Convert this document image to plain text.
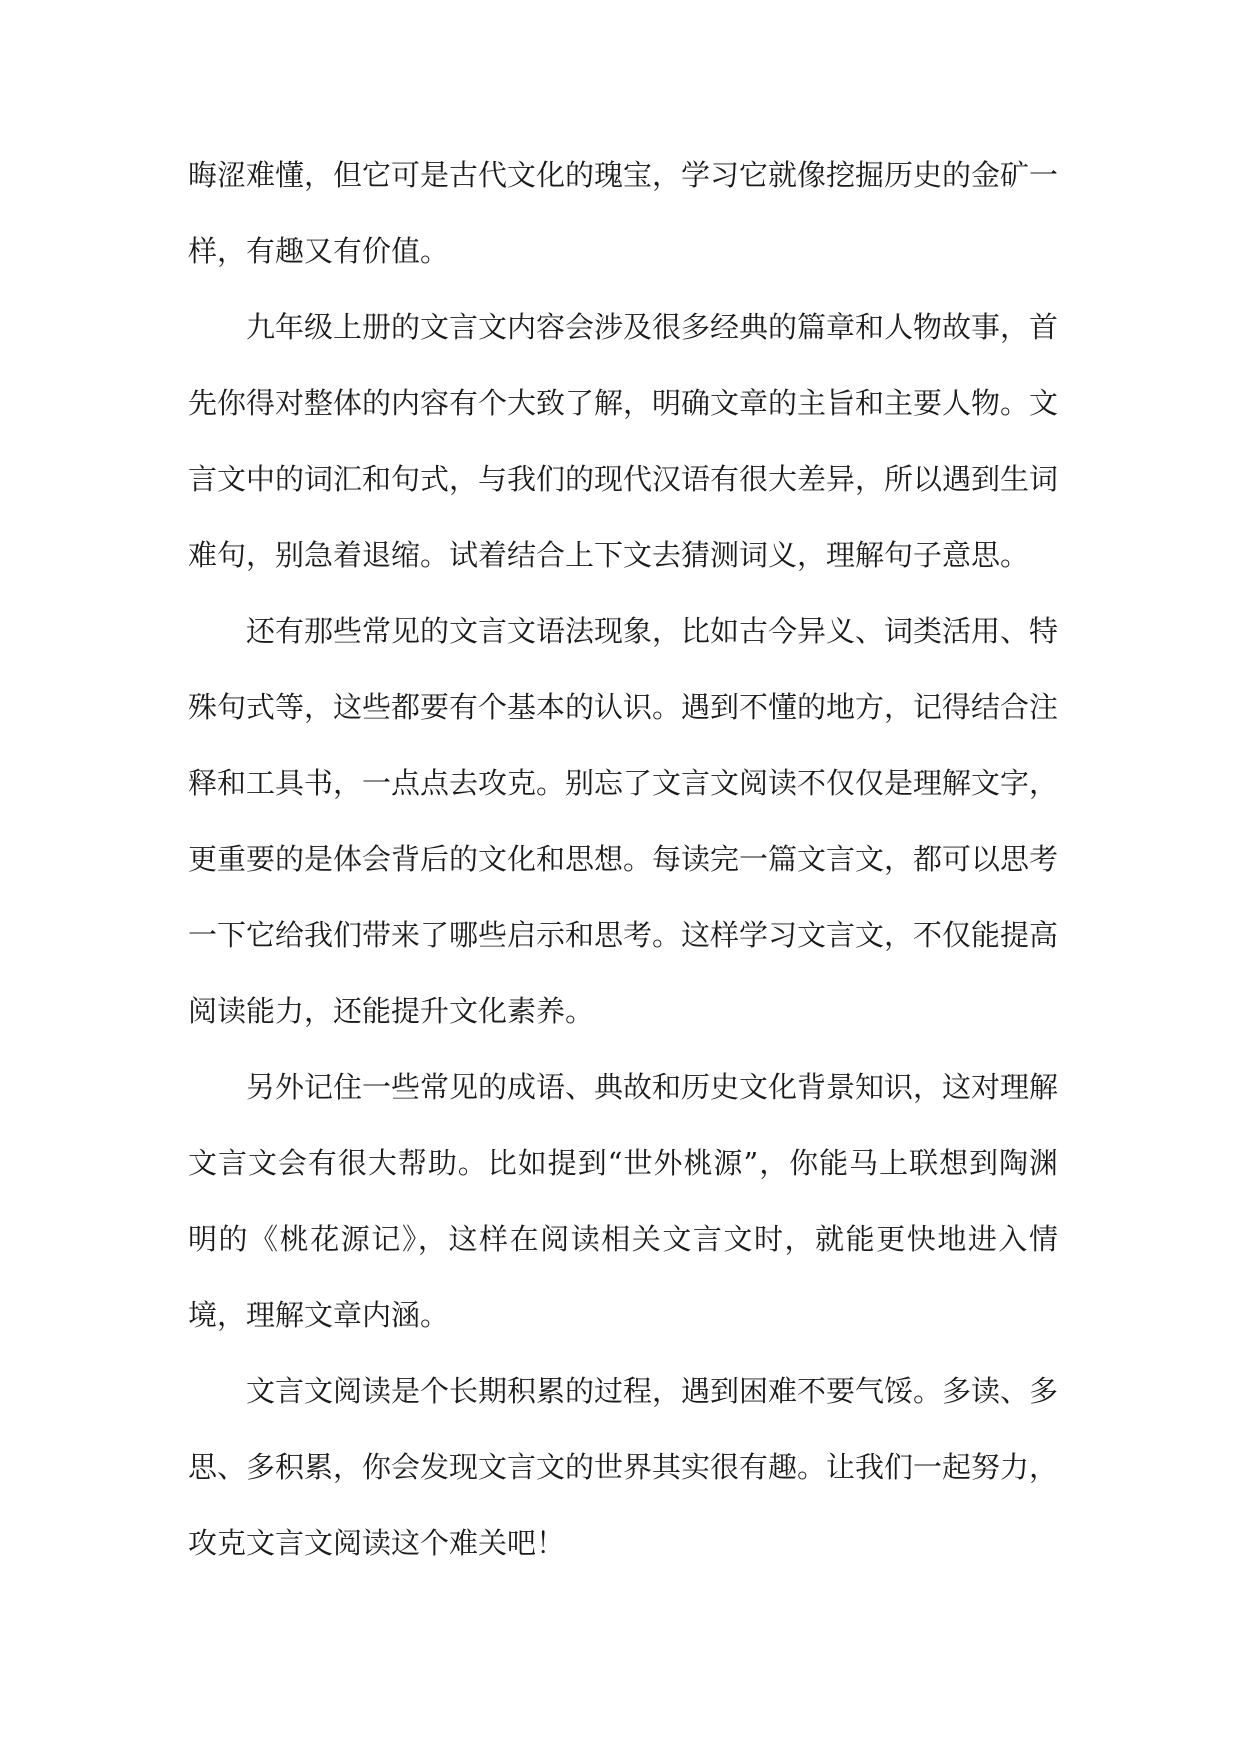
晦涩难懂，但它可是古代文化的瑰宝，学习它就像挖掘历史的金矿一样，有趣又有价值。

九年级上册的文言文内容会涉及很多经典的篇章和人物故事，首先你得对整体的内容有个大致了解，明确文章的主旨和主要人物。文言文中的词汇和句式，与我们的现代汉语有很大差异，所以遇到生词难句，别急着退缩。试着结合上下文去猜测词义，理解句子意思。

还有那些常见的文言文语法现象，比如古今异义、词类活用、特殊句式等，这些都要有个基本的认识。遇到不懂的地方，记得结合注释和工具书，一点点去攻克。别忘了文言文阅读不仅仅是理解文字，更重要的是体会背后的文化和思想。每读完一篇文言文，都可以思考一下它给我们带来了哪些启示和思考。这样学习文言文，不仅能提高阅读能力，还能提升文化素养。

另外记住一些常见的成语、典故和历史文化背景知识，这对理解文言文会有很大帮助。比如提到“世外桃源”，你能马上联想到陶渊明的《桃花源记》，这样在阅读相关文言文时，就能更快地进入情境，理解文章内涵。

文言文阅读是个长期积累的过程，遇到困难不要气馁。多读、多思、多积累，你会发现文言文的世界其实很有趣。让我们一起努力，攻克文言文阅读这个难关吧！
